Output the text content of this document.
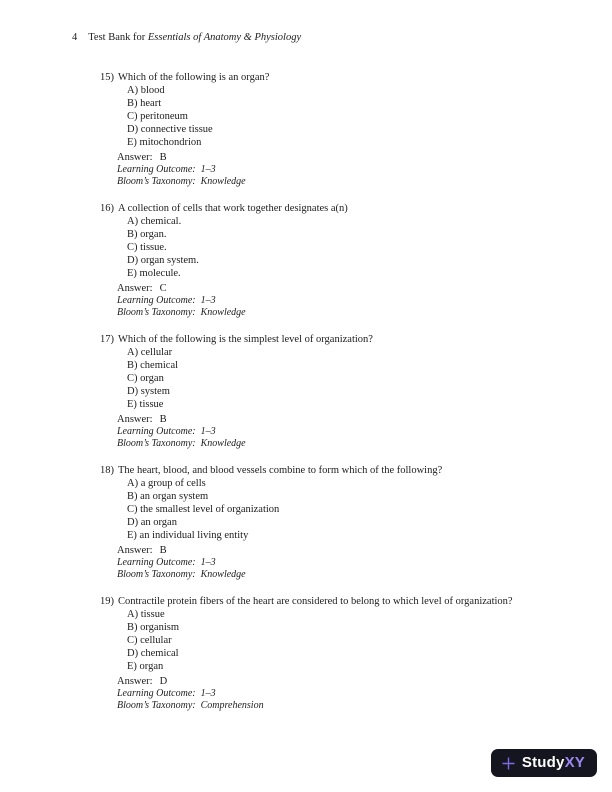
4 Test Bank for Essentials of Anatomy & Physiology
15) Which of the following is an organ?
A) blood
B) heart
C) peritoneum
D) connective tissue
E) mitochondrion
Answer: B
Learning Outcome: 1–3
Bloom’s Taxonomy: Knowledge
16) A collection of cells that work together designates a(n)
A) chemical.
B) organ.
C) tissue.
D) organ system.
E) molecule.
Answer: C
Learning Outcome: 1–3
Bloom’s Taxonomy: Knowledge
17) Which of the following is the simplest level of organization?
A) cellular
B) chemical
C) organ
D) system
E) tissue
Answer: B
Learning Outcome: 1–3
Bloom’s Taxonomy: Knowledge
18) The heart, blood, and blood vessels combine to form which of the following?
A) a group of cells
B) an organ system
C) the smallest level of organization
D) an organ
E) an individual living entity
Answer: B
Learning Outcome: 1–3
Bloom’s Taxonomy: Knowledge
19) Contractile protein fibers of the heart are considered to belong to which level of organization?
A) tissue
B) organism
C) cellular
D) chemical
E) organ
Answer: D
Learning Outcome: 1–3
Bloom’s Taxonomy: Comprehension
StudyXY
